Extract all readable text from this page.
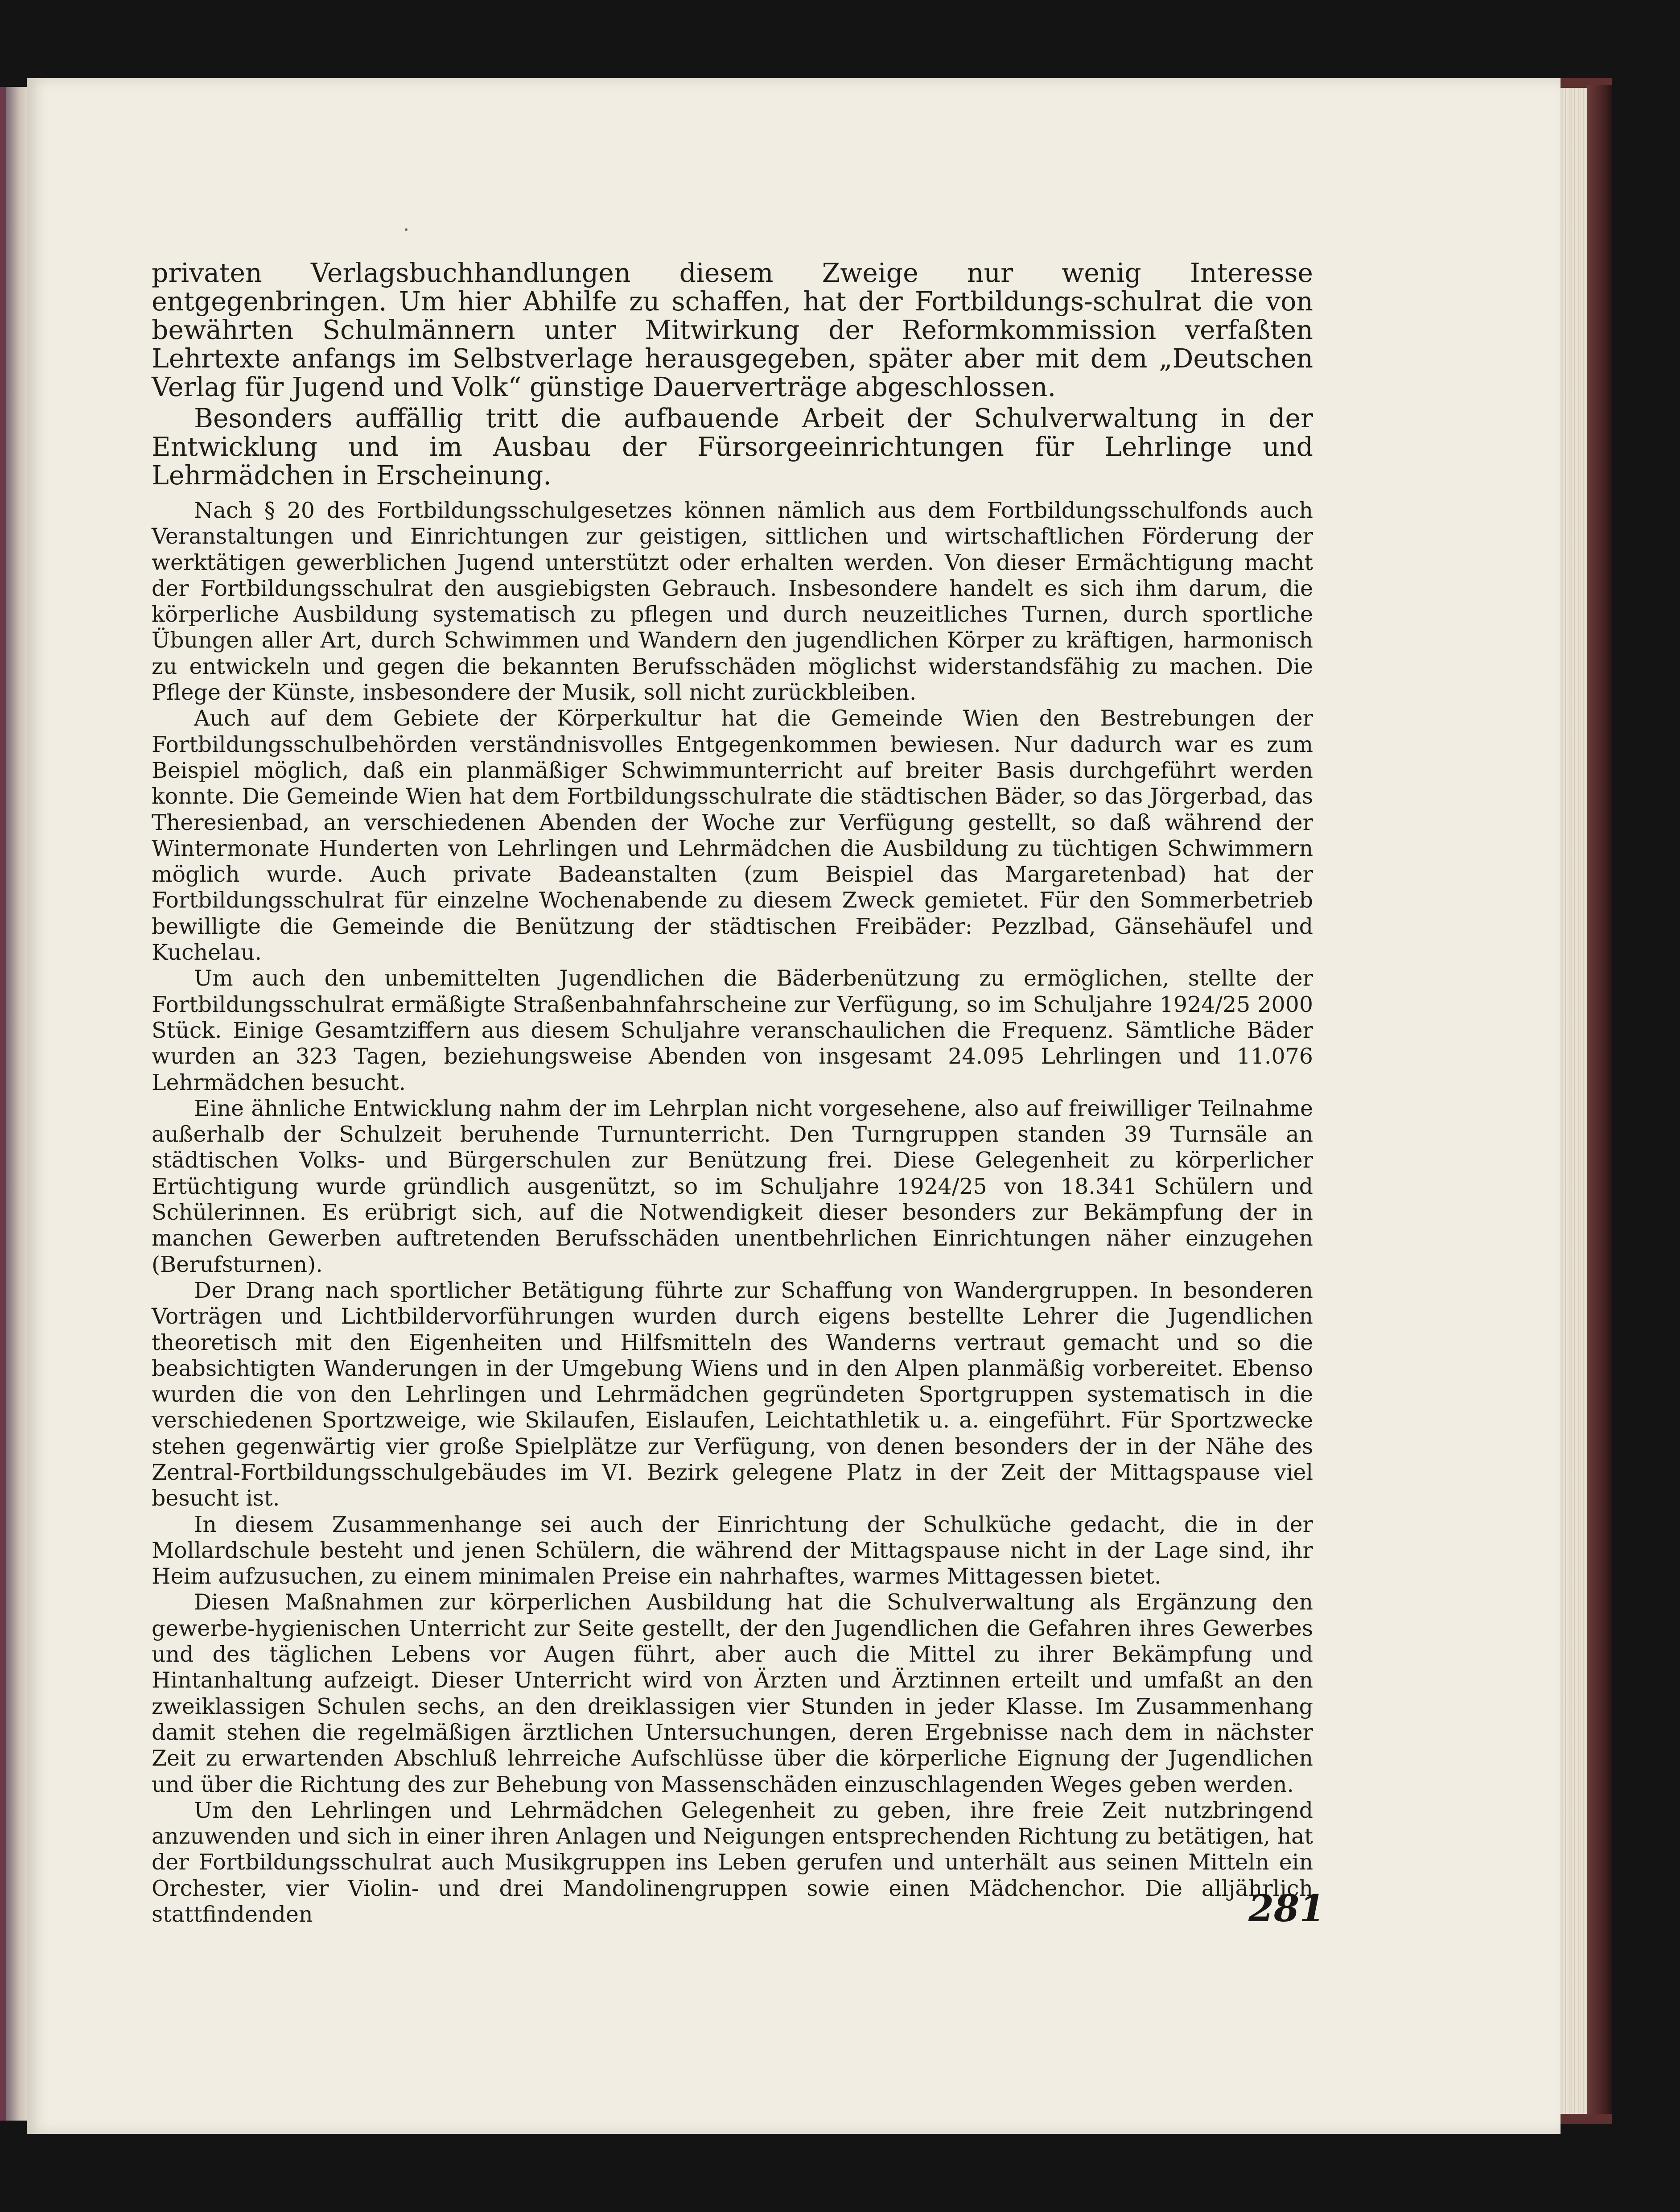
privaten Verlagsbuchhandlungen diesem Zweige nur wenig Interesse entgegenbringen. Um hier Abhilfe zu schaffen, hat der Fortbildungs-schulrat die von bewährten Schulmännern unter Mitwirkung der Reformkommission verfaßten Lehrtexte anfangs im Selbstverlage herausgegeben, später aber mit dem „Deutschen Verlag für Jugend und Volk“ günstige Dauerverträge abgeschlossen.

Besonders auffällig tritt die aufbauende Arbeit der Schulverwaltung in der Entwicklung und im Ausbau der Fürsorgeeinrichtungen für Lehrlinge und Lehrmädchen in Erscheinung.

Nach § 20 des Fortbildungsschulgesetzes können nämlich aus dem Fortbildungsschulfonds auch Veranstaltungen und Einrichtungen zur geistigen, sittlichen und wirtschaftlichen Förderung der werktätigen gewerblichen Jugend unterstützt oder erhalten werden. Von dieser Ermächtigung macht der Fortbildungsschulrat den ausgiebigsten Gebrauch. Insbesondere handelt es sich ihm darum, die körperliche Ausbildung systematisch zu pflegen und durch neuzeitliches Turnen, durch sportliche Übungen aller Art, durch Schwimmen und Wandern den jugendlichen Körper zu kräftigen, harmonisch zu entwickeln und gegen die bekannten Berufsschäden möglichst widerstandsfähig zu machen. Die Pflege der Künste, insbesondere der Musik, soll nicht zurückbleiben.

Auch auf dem Gebiete der Körperkultur hat die Gemeinde Wien den Bestrebungen der Fortbildungsschulbehörden verständnisvolles Entgegenkommen bewiesen. Nur dadurch war es zum Beispiel möglich, daß ein planmäßiger Schwimmunterricht auf breiter Basis durchgeführt werden konnte. Die Gemeinde Wien hat dem Fortbildungsschulrate die städtischen Bäder, so das Jörgerbad, das Theresienbad, an verschiedenen Abenden der Woche zur Verfügung gestellt, so daß während der Wintermonate Hunderten von Lehrlingen und Lehrmädchen die Ausbildung zu tüchtigen Schwimmern möglich wurde. Auch private Badeanstalten (zum Beispiel das Margaretenbad) hat der Fortbildungsschulrat für einzelne Wochenabende zu diesem Zweck gemietet. Für den Sommerbetrieb bewilligte die Gemeinde die Benützung der städtischen Freibäder: Pezzlbad, Gänsehäufel und Kuchelau.

Um auch den unbemittelten Jugendlichen die Bäderbenützung zu ermöglichen, stellte der Fortbildungsschulrat ermäßigte Straßenbahnfahrscheine zur Verfügung, so im Schuljahre 1924/25 2000 Stück. Einige Gesamtziffern aus diesem Schuljahre veranschaulichen die Frequenz. Sämtliche Bäder wurden an 323 Tagen, beziehungsweise Abenden von insgesamt 24.095 Lehrlingen und 11.076 Lehrmädchen besucht.

Eine ähnliche Entwicklung nahm der im Lehrplan nicht vorgesehene, also auf freiwilliger Teilnahme außerhalb der Schulzeit beruhende Turnunterricht. Den Turngruppen standen 39 Turnsäle an städtischen Volks- und Bürgerschulen zur Benützung frei. Diese Gelegenheit zu körperlicher Ertüchtigung wurde gründlich ausgenützt, so im Schuljahre 1924/25 von 18.341 Schülern und Schülerinnen. Es erübrigt sich, auf die Notwendigkeit dieser besonders zur Bekämpfung der in manchen Gewerben auftretenden Berufsschäden unentbehrlichen Einrichtungen näher einzugehen (Berufsturnen).

Der Drang nach sportlicher Betätigung führte zur Schaffung von Wandergruppen. In besonderen Vorträgen und Lichtbildervorführungen wurden durch eigens bestellte Lehrer die Jugendlichen theoretisch mit den Eigenheiten und Hilfsmitteln des Wanderns vertraut gemacht und so die beabsichtigten Wanderungen in der Umgebung Wiens und in den Alpen planmäßig vorbereitet. Ebenso wurden die von den Lehrlingen und Lehrmädchen gegründeten Sportgruppen systematisch in die verschiedenen Sportzweige, wie Skilaufen, Eislaufen, Leichtathletik u. a. eingeführt. Für Sportzwecke stehen gegenwärtig vier große Spielplätze zur Verfügung, von denen besonders der in der Nähe des Zentral-Fortbildungsschulgebäudes im VI. Bezirk gelegene Platz in der Zeit der Mittagspause viel besucht ist.

In diesem Zusammenhange sei auch der Einrichtung der Schulküche gedacht, die in der Mollardschule besteht und jenen Schülern, die während der Mittagspause nicht in der Lage sind, ihr Heim aufzusuchen, zu einem minimalen Preise ein nahrhaftes, warmes Mittagessen bietet.

Diesen Maßnahmen zur körperlichen Ausbildung hat die Schulverwaltung als Ergänzung den gewerbe-hygienischen Unterricht zur Seite gestellt, der den Jugendlichen die Gefahren ihres Gewerbes und des täglichen Lebens vor Augen führt, aber auch die Mittel zu ihrer Bekämpfung und Hintanhaltung aufzeigt. Dieser Unterricht wird von Ärzten und Ärztinnen erteilt und umfaßt an den zweiklassigen Schulen sechs, an den dreiklassigen vier Stunden in jeder Klasse. Im Zusammenhang damit stehen die regelmäßigen ärztlichen Untersuchungen, deren Ergebnisse nach dem in nächster Zeit zu erwartenden Abschluß lehrreiche Aufschlüsse über die körperliche Eignung der Jugendlichen und über die Richtung des zur Behebung von Massenschäden einzuschlagenden Weges geben werden.

Um den Lehrlingen und Lehrmädchen Gelegenheit zu geben, ihre freie Zeit nutzbringend anzuwenden und sich in einer ihren Anlagen und Neigungen entsprechenden Richtung zu betätigen, hat der Fortbildungsschulrat auch Musikgruppen ins Leben gerufen und unterhält aus seinen Mitteln ein Orchester, vier Violin- und drei Mandolinengruppen sowie einen Mädchenchor. Die alljährlich stattfindenden	281
